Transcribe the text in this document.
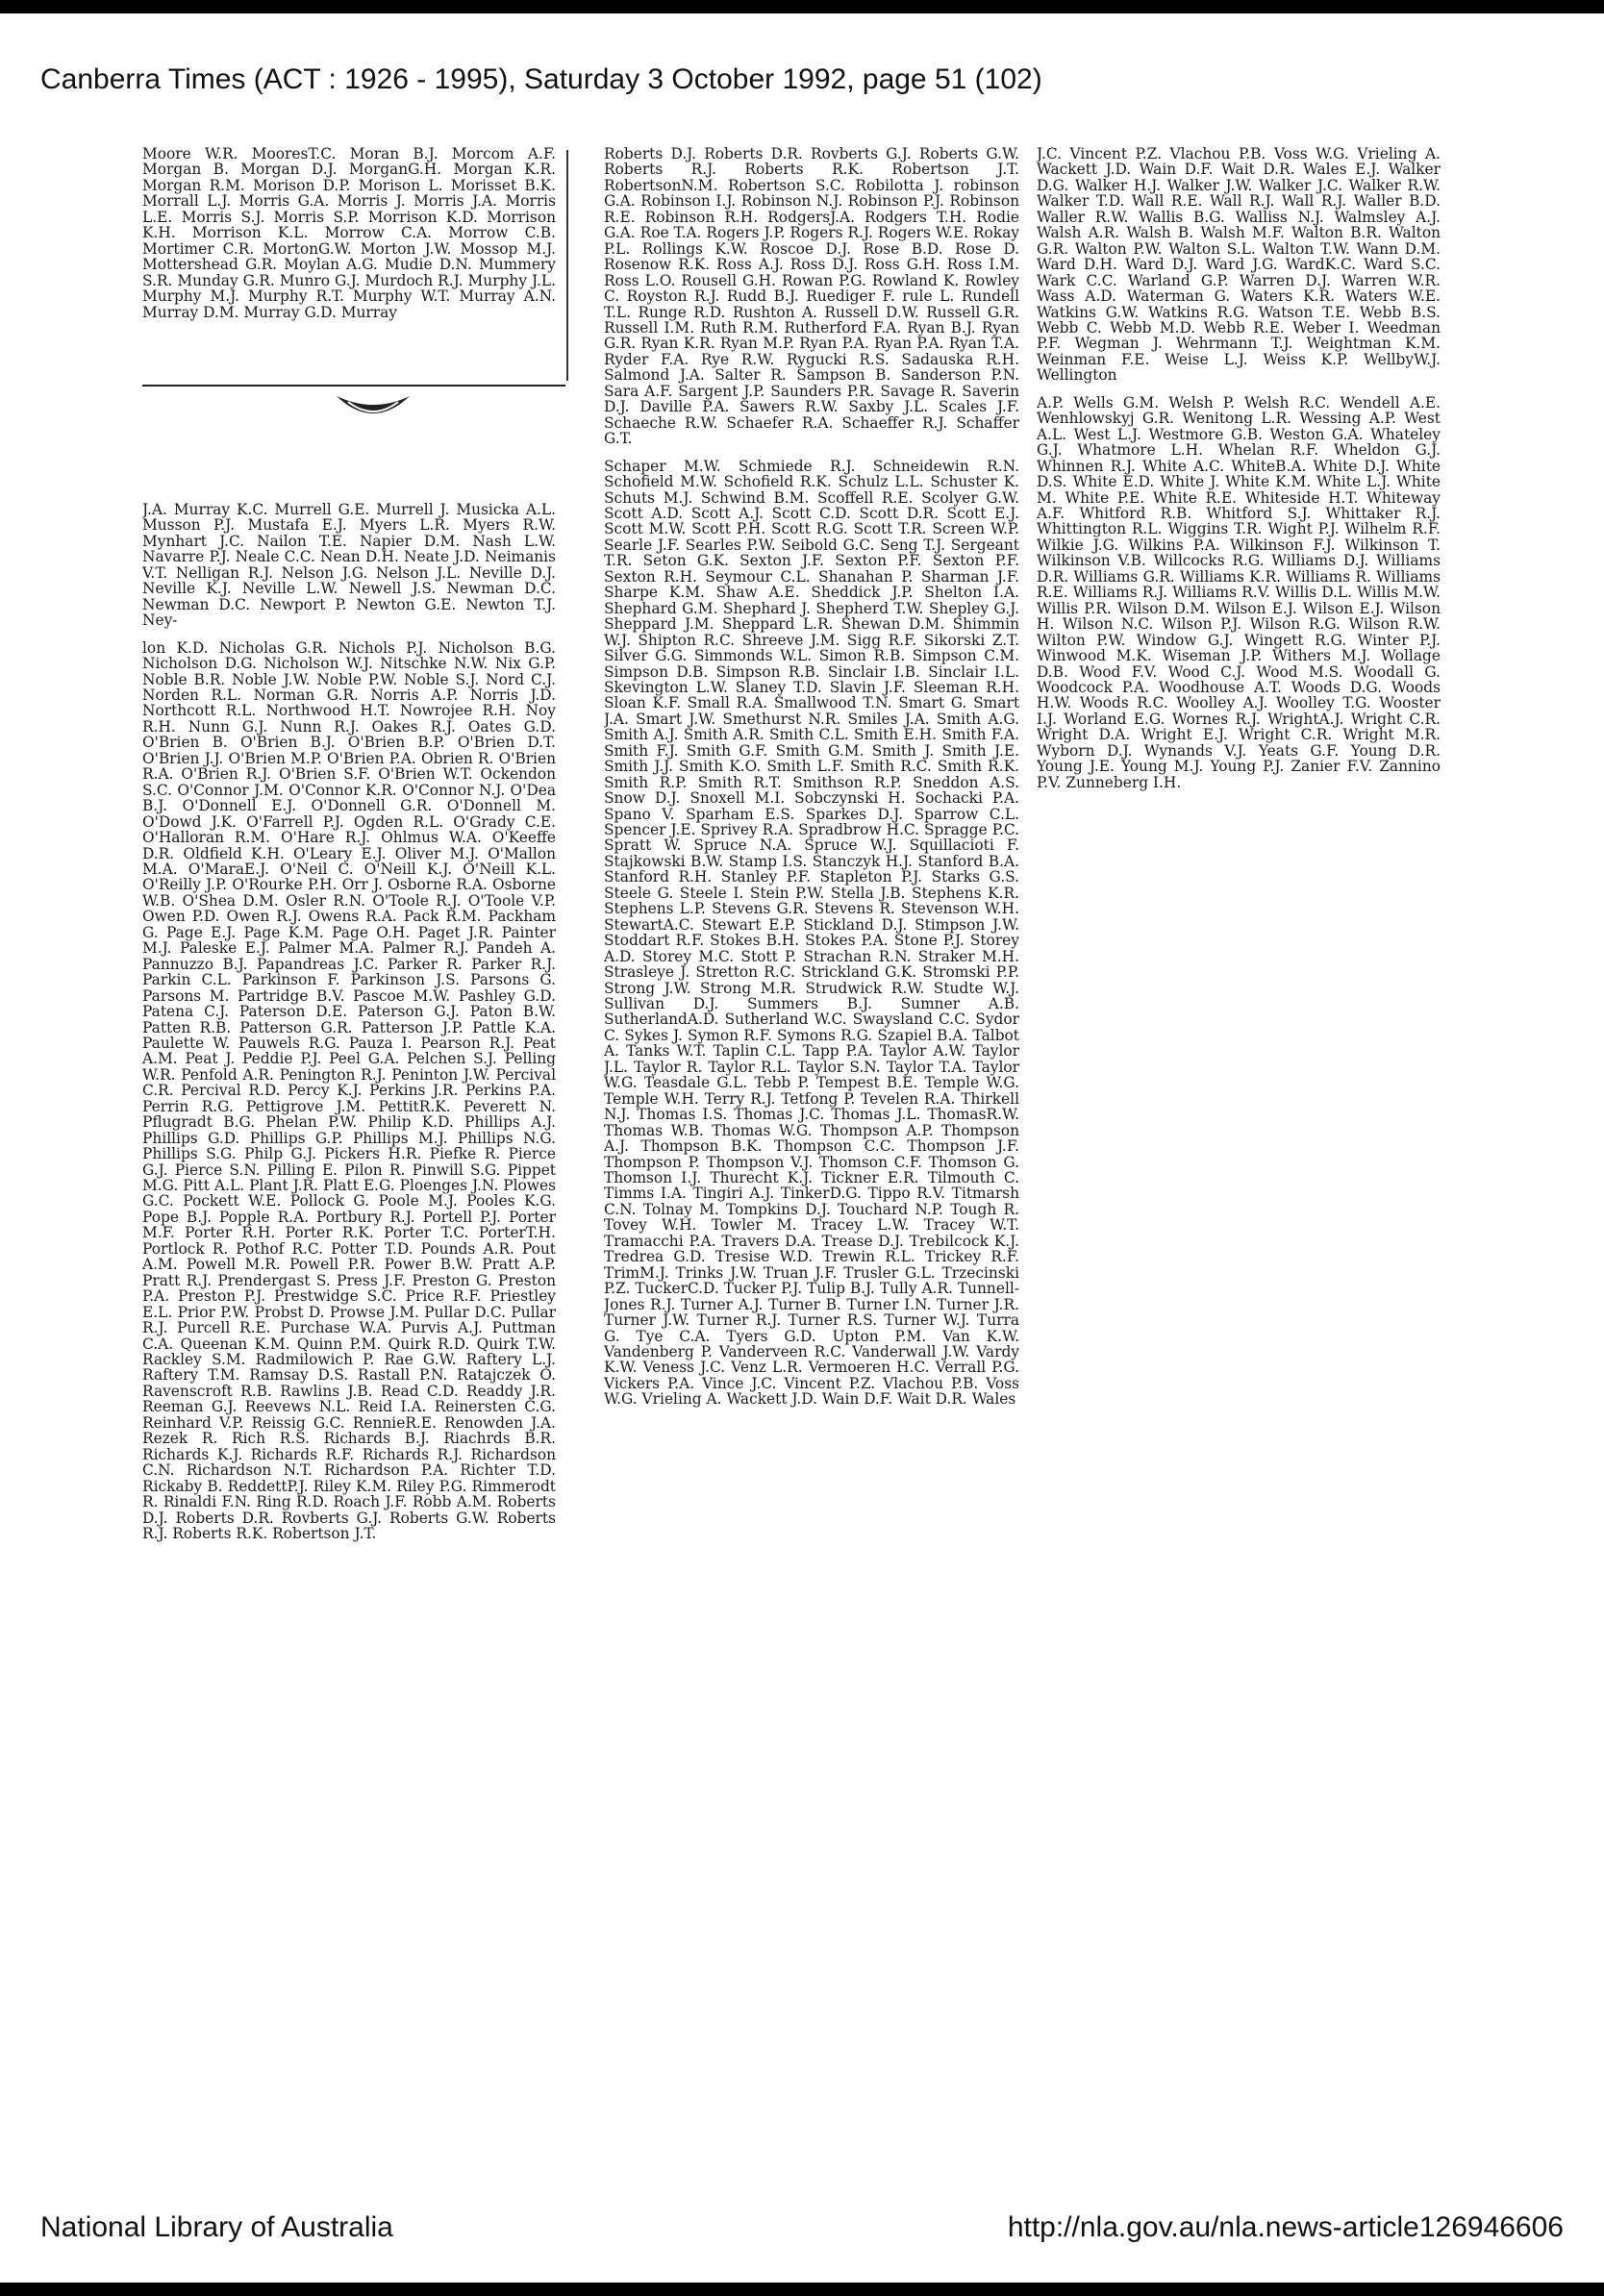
Canberra Times (ACT : 1926 - 1995), Saturday 3 October 1992, page 51 (102)

Moore W.R. MooresT.C. Moran B.J. Morcom A.F. Morgan B. Morgan D.J. MorganG.H. Morgan K.R. Morgan R.M. Morison D.P. Morison L. Morisset B.K. Morrall L.J. Morris G.A. Morris J. Morris J.A. Morris L.E. Morris S.J. Morris S.P. Morrison K.D. Morrison K.H. Morrison K.L. Morrow C.A. Morrow C.B. Mortimer C.R. MortonG.W. Morton J.W. Mossop M.J. Mottershead G.R. Moylan A.G. Mudie D.N. Mummery S.R. Munday G.R. Munro G.J. Murdoch R.J. Murphy J.L. Murphy M.J. Murphy R.T. Murphy W.T. Murray A.N. Murray D.M. Murray G.D. Murray

J.A. Murray K.C. Murrell G.E. Murrell J. Musicka A.L. Musson P.J. Mustafa E.J. Myers L.R. Myers R.W. Mynhart J.C. Nailon T.E. Napier D.M. Nash L.W. Navarre P.J. Neale C.C. Nean D.H. Neate J.D. Neimanis V.T. Nelligan R.J. Nelson J.G. Nelson J.L. Neville D.J. Neville K.J. Neville L.W. Newell J.S. Newman D.C. Newman D.C. Newport P. Newton G.E. Newton T.J. Ney-

lon K.D. Nicholas G.R. Nichols P.J. Nicholson B.G. Nicholson D.G. Nicholson W.J. Nitschke N.W. Nix G.P. Noble B.R. Noble J.W. Noble P.W. Noble S.J. Nord C.J. Norden R.L. Norman G.R. Norris A.P. Norris J.D. Northcott R.L. Northwood H.T. Nowrojee R.H. Noy R.H. Nunn G.J. Nunn R.J. Oakes R.J. Oates G.D. O'Brien B. O'Brien B.J. O'Brien B.P. O'Brien D.T. O'Brien J.J. O'Brien M.P. O'Brien P.A. Obrien R. O'Brien R.A. O'Brien R.J. O'Brien S.F. O'Brien W.T. Ockendon S.C. O'Connor J.M. O'Connor K.R. O'Connor N.J. O'Dea B.J. O'Donnell E.J. O'Donnell G.R. O'Donnell M. O'Dowd J.K. O'Farrell P.J. Ogden R.L. O'Grady C.E. O'Halloran R.M. O'Hare R.J. Ohlmus W.A. O'Keeffe D.R. Oldfield K.H. O'Leary E.J. Oliver M.J. O'Mallon M.A. O'MaraE.J. O'Neil C. O'Neill K.J. O'Neill K.L. O'Reilly J.P. O'Rourke P.H. Orr J. Osborne R.A. Osborne W.B. O'Shea D.M. Osler R.N. O'Toole R.J. O'Toole V.P. Owen P.D. Owen R.J. Owens R.A. Pack R.M. Packham G. Page E.J. Page K.M. Page O.H. Paget J.R. Painter M.J. Paleske E.J. Palmer M.A. Palmer R.J. Pandeh A. Pannuzzo B.J. Papandreas J.C. Parker R. Parker R.J. Parkin C.L. Parkinson F. Parkinson J.S. Parsons G. Parsons M. Partridge B.V. Pascoe M.W. Pashley G.D. Patena C.J. Paterson D.E. Paterson G.J. Paton B.W. Patten R.B. Patterson G.R. Patterson J.P. Pattle K.A. Paulette W. Pauwels R.G. Pauza I. Pearson R.J. Peat A.M. Peat J. Peddie P.J. Peel G.A. Pelchen S.J. Pelling W.R. Penfold A.R. Penington R.J. Peninton J.W. Percival C.R. Percival R.D. Percy K.J. Perkins J.R. Perkins P.A. Perrin R.G. Pettigrove J.M. PettitR.K. Peverett N. Pflugradt B.G. Phelan P.W. Philip K.D. Phillips A.J. Phillips G.D. Phillips G.P. Phillips M.J. Phillips N.G. Phillips S.G. Philp G.J. Pickers H.R. Piefke R. Pierce G.J. Pierce S.N. Pilling E. Pilon R. Pinwill S.G. Pippet M.G. Pitt A.L. Plant J.R. Platt E.G. Ploenges J.N. Plowes G.C. Pockett W.E. Pollock G. Poole M.J. Pooles K.G. Pope B.J. Popple R.A. Portbury R.J. Portell P.J. Porter M.F. Porter R.H. Porter R.K. Porter T.C. PorterT.H. Portlock R. Pothof R.C. Potter T.D. Pounds A.R. Pout A.M. Powell M.R. Powell P.R. Power B.W. Pratt A.P. Pratt R.J. Prendergast S. Press J.F. Preston G. Preston P.A. Preston P.J. Prestwidge S.C. Price R.F. Priestley E.L. Prior P.W. Probst D. Prowse J.M. Pullar D.C. Pullar R.J. Purcell R.E. Purchase W.A. Purvis A.J. Puttman C.A. Queenan K.M. Quinn P.M. Quirk R.D. Quirk T.W. Rackley S.M. Radmilowich P. Rae G.W. Raftery L.J. Raftery T.M. Ramsay D.S. Rastall P.N. Ratajczek O. Ravenscroft R.B. Rawlins J.B. Read C.D. Readdy J.R. Reeman G.J. Reevews N.L. Reid I.A. Reinersten C.G. Reinhard V.P. Reissig G.C. RennieR.E. Renowden J.A. Rezek R. Rich R.S. Richards B.J. Riachrds B.R. Richards K.J. Richards R.F. Richards R.J. Richardson C.N. Richardson N.T. Richardson P.A. Richter T.D. Rickaby B. ReddettP.J. Riley K.M. Riley P.G. Rimmerodt R. Rinaldi F.N. Ring R.D. Roach J.F. Robb A.M. Roberts D.J. Roberts D.R. Rovberts G.J. Roberts G.W. Roberts R.J. Roberts R.K. Robertson J.T.

Roberts D.J. Roberts D.R. Rovberts G.J. Roberts G.W. Roberts R.J. Roberts R.K. Robertson J.T. RobertsonN.M. Robertson S.C. Robilotta J. robinson G.A. Robinson I.J. Robinson N.J. Robinson P.J. Robinson R.E. Robinson R.H. RodgersJ.A. Rodgers T.H. Rodie G.A. Roe T.A. Rogers J.P. Rogers R.J. Rogers W.E. Rokay P.L. Rollings K.W. Roscoe D.J. Rose B.D. Rose D. Rosenow R.K. Ross A.J. Ross D.J. Ross G.H. Ross I.M. Ross L.O. Rousell G.H. Rowan P.G. Rowland K. Rowley C. Royston R.J. Rudd B.J. Ruediger F. rule L. Rundell T.L. Runge R.D. Rushton A. Russell D.W. Russell G.R. Russell I.M. Ruth R.M. Rutherford F.A. Ryan B.J. Ryan G.R. Ryan K.R. Ryan M.P. Ryan P.A. Ryan P.A. Ryan T.A. Ryder F.A. Rye R.W. Rygucki R.S. Sadauska R.H. Salmond J.A. Salter R. Sampson B. Sanderson P.N. Sara A.F. Sargent J.P. Saunders P.R. Savage R. Saverin D.J. Daville P.A. Sawers R.W. Saxby J.L. Scales J.F. Schaeche R.W. Schaefer R.A. Schaeffer R.J. Schaffer G.T.

Schaper M.W. Schmiede R.J. Schneidewin R.N. Schofield M.W. Schofield R.K. Schulz L.L. Schuster K. Schuts M.J. Schwind B.M. Scoffell R.E. Scolyer G.W. Scott A.D. Scott A.J. Scott C.D. Scott D.R. Scott E.J. Scott M.W. Scott P.H. Scott R.G. Scott T.R. Screen W.P. Searle J.F. Searles P.W. Seibold G.C. Seng T.J. Sergeant T.R. Seton G.K. Sexton J.F. Sexton P.F. Sexton P.F. Sexton R.H. Seymour C.L. Shanahan P. Sharman J.F. Sharpe K.M. Shaw A.E. Sheddick J.P. Shelton I.A. Shephard G.M. Shephard J. Shepherd T.W. Shepley G.J. Sheppard J.M. Sheppard L.R. Shewan D.M. Shimmin W.J. Shipton R.C. Shreeve J.M. Sigg R.F. Sikorski Z.T. Silver G.G. Simmonds W.L. Simon R.B. Simpson C.M. Simpson D.B. Simpson R.B. Sinclair I.B. Sinclair I.L. Skevington L.W. Slaney T.D. Slavin J.F. Sleeman R.H. Sloan K.F. Small R.A. Smallwood T.N. Smart G. Smart J.A. Smart J.W. Smethurst N.R. Smiles J.A. Smith A.G. Smith A.J. Smith A.R. Smith C.L. Smith E.H. Smith F.A. Smith F.J. Smith G.F. Smith G.M. Smith J. Smith J.E. Smith J.J. Smith K.O. Smith L.F. Smith R.C. Smith R.K. Smith R.P. Smith R.T. Smithson R.P. Sneddon A.S. Snow D.J. Snoxell M.I. Sobczynski H. Sochacki P.A. Spano V. Sparham E.S. Sparkes D.J. Sparrow C.L. Spencer J.E. Sprivey R.A. Spradbrow H.C. Spragge P.C. Spratt W. Spruce N.A. Spruce W.J. Squillacioti F. Stajkowski B.W. Stamp I.S. Stanczyk H.J. Stanford B.A. Stanford R.H. Stanley P.F. Stapleton P.J. Starks G.S. Steele G. Steele I. Stein P.W. Stella J.B. Stephens K.R. Stephens L.P. Stevens G.R. Stevens R. Stevenson W.H. StewartA.C. Stewart E.P. Stickland D.J. Stimpson J.W. Stoddart R.F. Stokes B.H. Stokes P.A. Stone P.J. Storey A.D. Storey M.C. Stott P. Strachan R.N. Straker M.H. Strasleye J. Stretton R.C. Strickland G.K. Stromski P.P. Strong J.W. Strong M.R. Strudwick R.W. Studte W.J. Sullivan D.J. Summers B.J. Sumner A.B. SutherlandA.D. Sutherland W.C. Swaysland C.C. Sydor C. Sykes J. Symon R.F. Symons R.G. Szapiel B.A. Talbot A. Tanks W.T. Taplin C.L. Tapp P.A. Taylor A.W. Taylor J.L. Taylor R. Taylor R.L. Taylor S.N. Taylor T.A. Taylor W.G. Teasdale G.L. Tebb P. Tempest B.E. Temple W.G. Temple W.H. Terry R.J. Tetfong P. Tevelen R.A. Thirkell N.J. Thomas I.S. Thomas J.C. Thomas J.L. ThomasR.W. Thomas W.B. Thomas W.G. Thompson A.P. Thompson A.J. Thompson B.K. Thompson C.C. Thompson J.F. Thompson P. Thompson V.J. Thomson C.F. Thomson G. Thomson I.J. Thurecht K.J. Tickner E.R. Tilmouth C. Timms I.A. Tingiri A.J. TinkerD.G. Tippo R.V. Titmarsh C.N. Tolnay M. Tompkins D.J. Touchard N.P. Tough R. Tovey W.H. Towler M. Tracey L.W. Tracey W.T. Tramacchi P.A. Travers D.A. Trease D.J. Trebilcock K.J. Tredrea G.D. Tresise W.D. Trewin R.L. Trickey R.F. TrimM.J. Trinks J.W. Truan J.F. Trusler G.L. Trzecinski P.Z. TuckerC.D. Tucker P.J. Tulip B.J. Tully A.R. Tunnell-Jones R.J. Turner A.J. Turner B. Turner I.N. Turner J.R. Turner J.W. Turner R.J. Turner R.S. Turner W.J. Turra G. Tye C.A. Tyers G.D. Upton P.M. Van K.W. Vandenberg P. Vanderveen R.C. Vanderwall J.W. Vardy K.W. Veness J.C. Venz L.R. Vermoeren H.C. Verrall P.G. Vickers P.A. Vince J.C. Vincent P.Z. Vlachou P.B. Voss W.G. Vrieling A. Wackett J.D. Wain D.F. Wait D.R. Wales

J.C. Vincent P.Z. Vlachou P.B. Voss W.G. Vrieling A. Wackett J.D. Wain D.F. Wait D.R. Wales E.J. Walker D.G. Walker H.J. Walker J.W. Walker J.C. Walker R.W. Walker T.D. Wall R.E. Wall R.J. Wall R.J. Waller B.D. Waller R.W. Wallis B.G. Walliss N.J. Walmsley A.J. Walsh A.R. Walsh B. Walsh M.F. Walton B.R. Walton G.R. Walton P.W. Walton S.L. Walton T.W. Wann D.M. Ward D.H. Ward D.J. Ward J.G. WardK.C. Ward S.C. Wark C.C. Warland G.P. Warren D.J. Warren W.R. Wass A.D. Waterman G. Waters K.R. Waters W.E. Watkins G.W. Watkins R.G. Watson T.E. Webb B.S. Webb C. Webb M.D. Webb R.E. Weber I. Weedman P.F. Wegman J. Wehrmann T.J. Weightman K.M. Weinman F.E. Weise L.J. Weiss K.P. WellbyW.J. Wellington

A.P. Wells G.M. Welsh P. Welsh R.C. Wendell A.E. Wenhlowskyj G.R. Wenitong L.R. Wessing A.P. West A.L. West L.J. Westmore G.B. Weston G.A. Whateley G.J. Whatmore L.H. Whelan R.F. Wheldon G.J. Whinnen R.J. White A.C. WhiteB.A. White D.J. White D.S. White E.D. White J. White K.M. White L.J. White M. White P.E. White R.E. Whiteside H.T. Whiteway A.F. Whitford R.B. Whitford S.J. Whittaker R.J. Whittington R.L. Wiggins T.R. Wight P.J. Wilhelm R.F. Wilkie J.G. Wilkins P.A. Wilkinson F.J. Wilkinson T. Wilkinson V.B. Willcocks R.G. Williams D.J. Williams D.R. Williams G.R. Williams K.R. Williams R. Williams R.E. Williams R.J. Williams R.V. Willis D.L. Willis M.W. Willis P.R. Wilson D.M. Wilson E.J. Wilson E.J. Wilson H. Wilson N.C. Wilson P.J. Wilson R.G. Wilson R.W. Wilton P.W. Window G.J. Wingett R.G. Winter P.J. Winwood M.K. Wiseman J.P. Withers M.J. Wollage D.B. Wood F.V. Wood C.J. Wood M.S. Woodall G. Woodcock P.A. Woodhouse A.T. Woods D.G. Woods H.W. Woods R.C. Woolley A.J. Woolley T.G. Wooster I.J. Worland E.G. Wornes R.J. WrightA.J. Wright C.R. Wright D.A. Wright E.J. Wright C.R. Wright M.R. Wyborn D.J. Wynands V.J. Yeats G.F. Young D.R. Young J.E. Young M.J. Young P.J. Zanier F.V. Zannino P.V. Zunneberg I.H.

National Library of Australia	http://nla.gov.au/nla.news-article126946606
